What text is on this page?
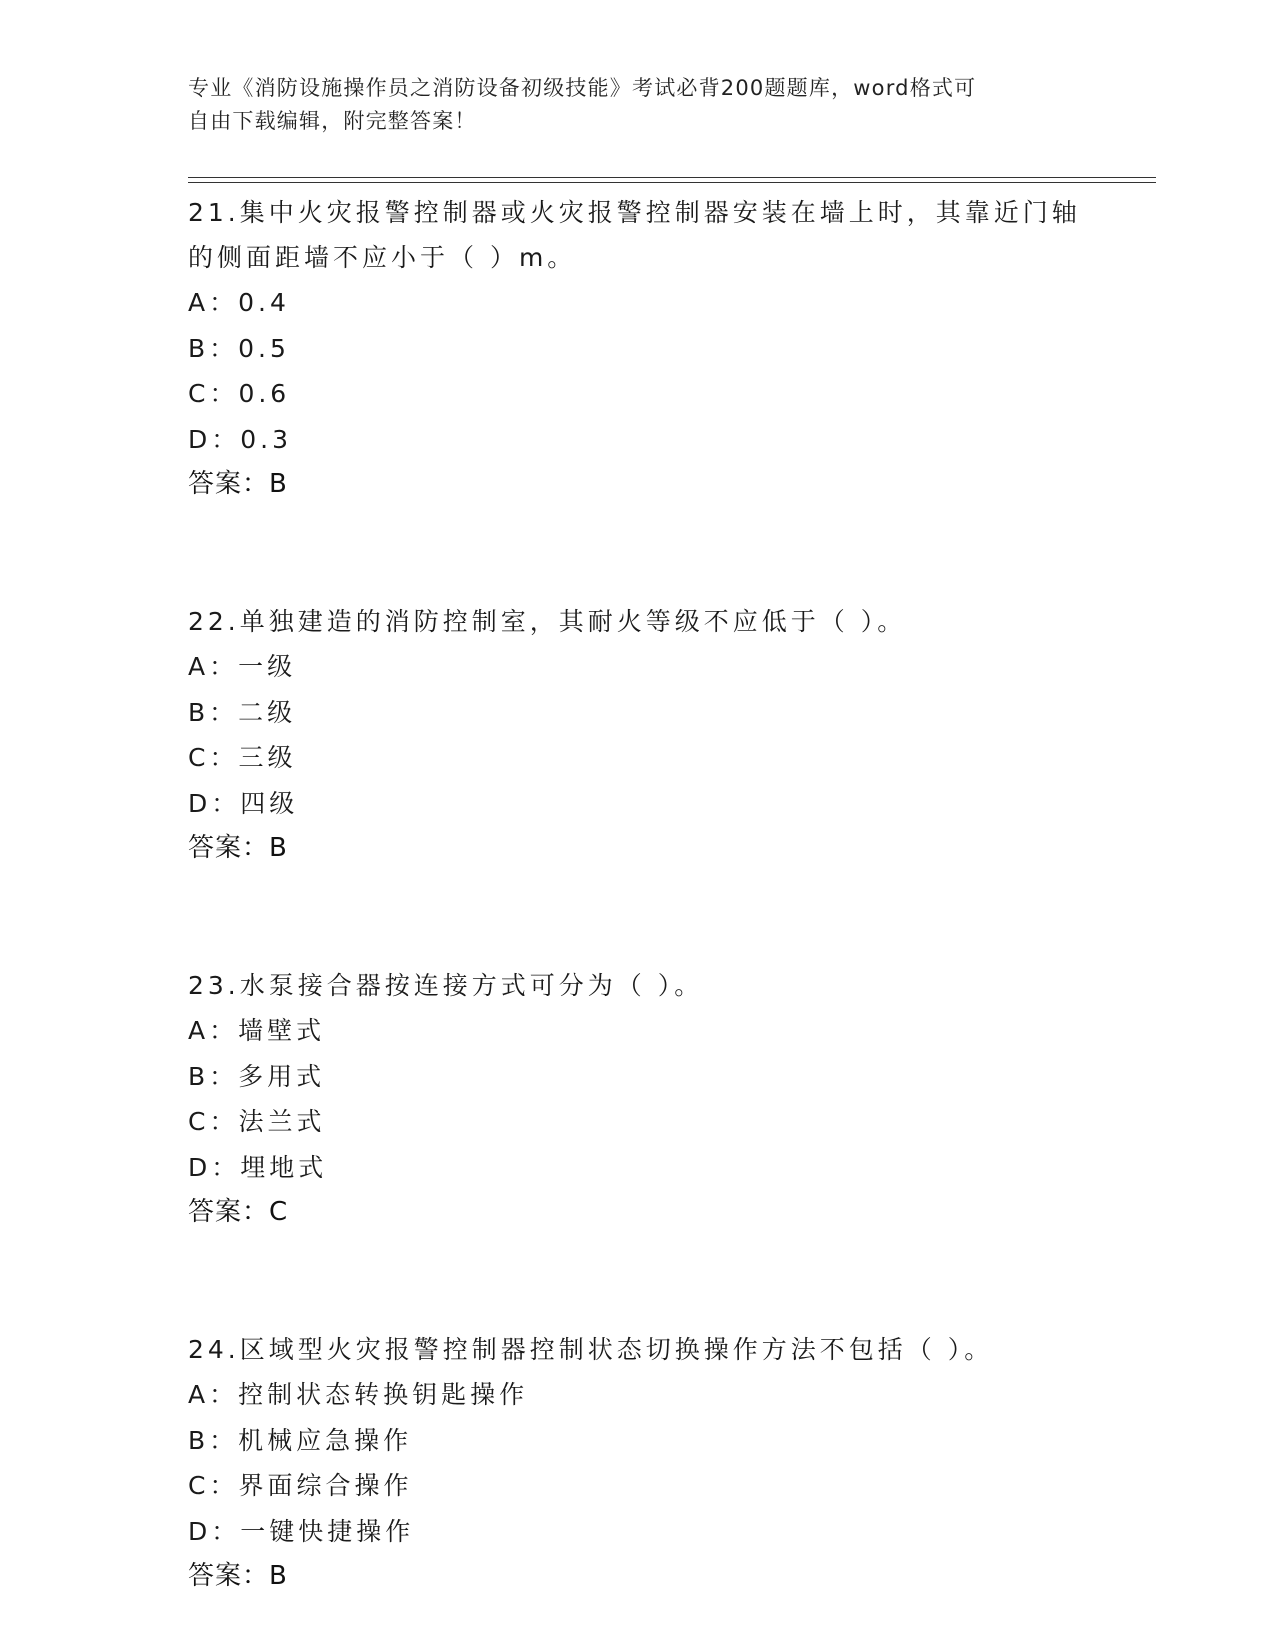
专业《消防设施操作员之消防设备初级技能》考试必背200题题库，word格式可
自由下载编辑，附完整答案！

21.集中火灾报警控制器或火灾报警控制器安装在墙上时，其靠近门轴

的侧面距墙不应小于（ ）m。

A：0.4

B：0.5

C：0.6

D：0.3

答案：B

22.单独建造的消防控制室，其耐火等级不应低于（ ）。

A：一级

B：二级

C：三级

D：四级

答案：B

23.水泵接合器按连接方式可分为（ ）。

A：墙壁式

B：多用式

C：法兰式

D：埋地式

答案：C

24.区域型火灾报警控制器控制状态切换操作方法不包括（ ）。

A：控制状态转换钥匙操作

B：机械应急操作

C：界面综合操作

D：一键快捷操作

答案：B
